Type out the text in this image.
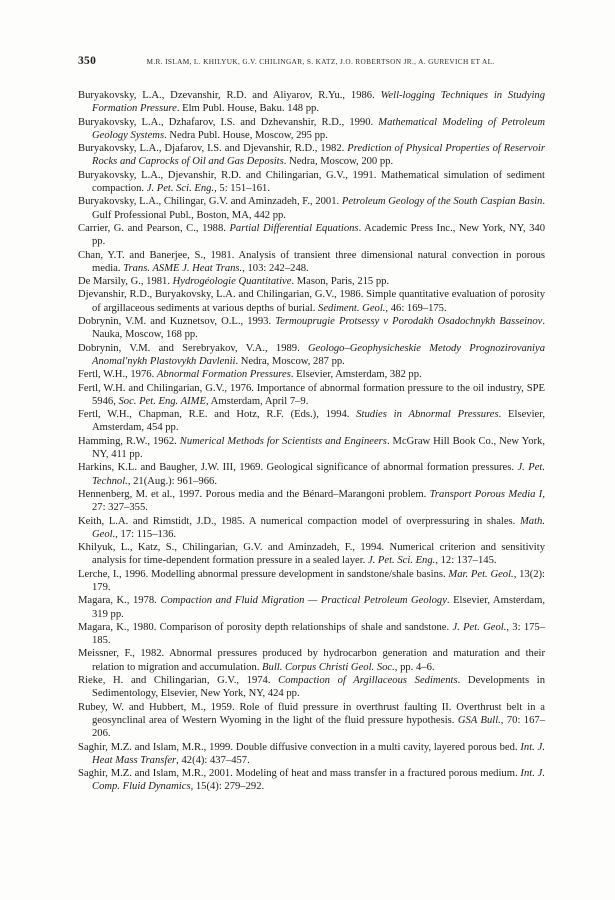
350	M.R. ISLAM, L. KHILYUK, G.V. CHILINGAR, S. KATZ, J.O. ROBERTSON JR., A. GUREVICH ET AL.

Buryakovsky, L.A., Dzevanshir, R.D. and Aliyarov, R.Yu., 1986. Well-logging Techniques in Studying Formation Pressure. Elm Publ. House, Baku. 148 pp.

Buryakovsky, L.A., Dzhafarov, I.S. and Dzhevanshir, R.D., 1990. Mathematical Modeling of Petroleum Geology Systems. Nedra Publ. House, Moscow, 295 pp.

Buryakovsky, L.A., Djafarov, I.S. and Djevanshir, R.D., 1982. Prediction of Physical Properties of Reservoir Rocks and Caprocks of Oil and Gas Deposits. Nedra, Moscow, 200 pp.

Buryakovsky, L.A., Djevanshir, R.D. and Chilingarian, G.V., 1991. Mathematical simulation of sediment compaction. J. Pet. Sci. Eng., 5: 151–161.

Buryakovsky, L.A., Chilingar, G.V. and Aminzadeh, F., 2001. Petroleum Geology of the South Caspian Basin. Gulf Professional Publ., Boston, MA, 442 pp.

Carrier, G. and Pearson, C., 1988. Partial Differential Equations. Academic Press Inc., New York, NY, 340 pp.

Chan, Y.T. and Banerjee, S., 1981. Analysis of transient three dimensional natural convection in porous media. Trans. ASME J. Heat Trans., 103: 242–248.

De Marsily, G., 1981. Hydrogéologie Quantitative. Mason, Paris, 215 pp.

Djevanshir, R.D., Buryakovsky, L.A. and Chilingarian, G.V., 1986. Simple quantitative evaluation of porosity of argillaceous sediments at various depths of burial. Sediment. Geol., 46: 169–175.

Dobrynin, V.M. and Kuznetsov, O.L., 1993. Termouprugie Protsessy v Porodakh Osadochnykh Basseinov. Nauka, Moscow, 168 pp.

Dobrynin, V.M. and Serebryakov, V.A., 1989. Geologo–Geophysicheskie Metody Prognozirovaniya Anomal'nykh Plastovykh Davlenii. Nedra, Moscow, 287 pp.

Fertl, W.H., 1976. Abnormal Formation Pressures. Elsevier, Amsterdam, 382 pp.

Fertl, W.H. and Chilingarian, G.V., 1976. Importance of abnormal formation pressure to the oil industry, SPE 5946, Soc. Pet. Eng. AIME, Amsterdam, April 7–9.

Fertl, W.H., Chapman, R.E. and Hotz, R.F. (Eds.), 1994. Studies in Abnormal Pressures. Elsevier, Amsterdam, 454 pp.

Hamming, R.W., 1962. Numerical Methods for Scientists and Engineers. McGraw Hill Book Co., New York, NY, 411 pp.

Harkins, K.L. and Baugher, J.W. III, 1969. Geological significance of abnormal formation pressures. J. Pet. Technol., 21(Aug.): 961–966.

Hennenberg, M. et al., 1997. Porous media and the Bénard–Marangoni problem. Transport Porous Media I, 27: 327–355.

Keith, L.A. and Rimstidt, J.D., 1985. A numerical compaction model of overpressuring in shales. Math. Geol., 17: 115–136.

Khilyuk, L., Katz, S., Chilingarian, G.V. and Aminzadeh, F., 1994. Numerical criterion and sensitivity analysis for time-dependent formation pressure in a sealed layer. J. Pet. Sci. Eng., 12: 137–145.

Lerche, I., 1996. Modelling abnormal pressure development in sandstone/shale basins. Mar. Pet. Geol., 13(2): 179.

Magara, K., 1978. Compaction and Fluid Migration — Practical Petroleum Geology. Elsevier, Amsterdam, 319 pp.

Magara, K., 1980. Comparison of porosity depth relationships of shale and sandstone. J. Pet. Geol., 3: 175–185.

Meissner, F., 1982. Abnormal pressures produced by hydrocarbon generation and maturation and their relation to migration and accumulation. Bull. Corpus Christi Geol. Soc., pp. 4–6.

Rieke, H. and Chilingarian, G.V., 1974. Compaction of Argillaceous Sediments. Developments in Sedimentology, Elsevier, New York, NY, 424 pp.

Rubey, W. and Hubbert, M., 1959. Role of fluid pressure in overthrust faulting II. Overthrust belt in a geosynclinal area of Western Wyoming in the light of the fluid pressure hypothesis. GSA Bull., 70: 167–206.

Saghir, M.Z. and Islam, M.R., 1999. Double diffusive convection in a multi cavity, layered porous bed. Int. J. Heat Mass Transfer, 42(4): 437–457.

Saghir, M.Z. and Islam, M.R., 2001. Modeling of heat and mass transfer in a fractured porous medium. Int. J. Comp. Fluid Dynamics, 15(4): 279–292.
